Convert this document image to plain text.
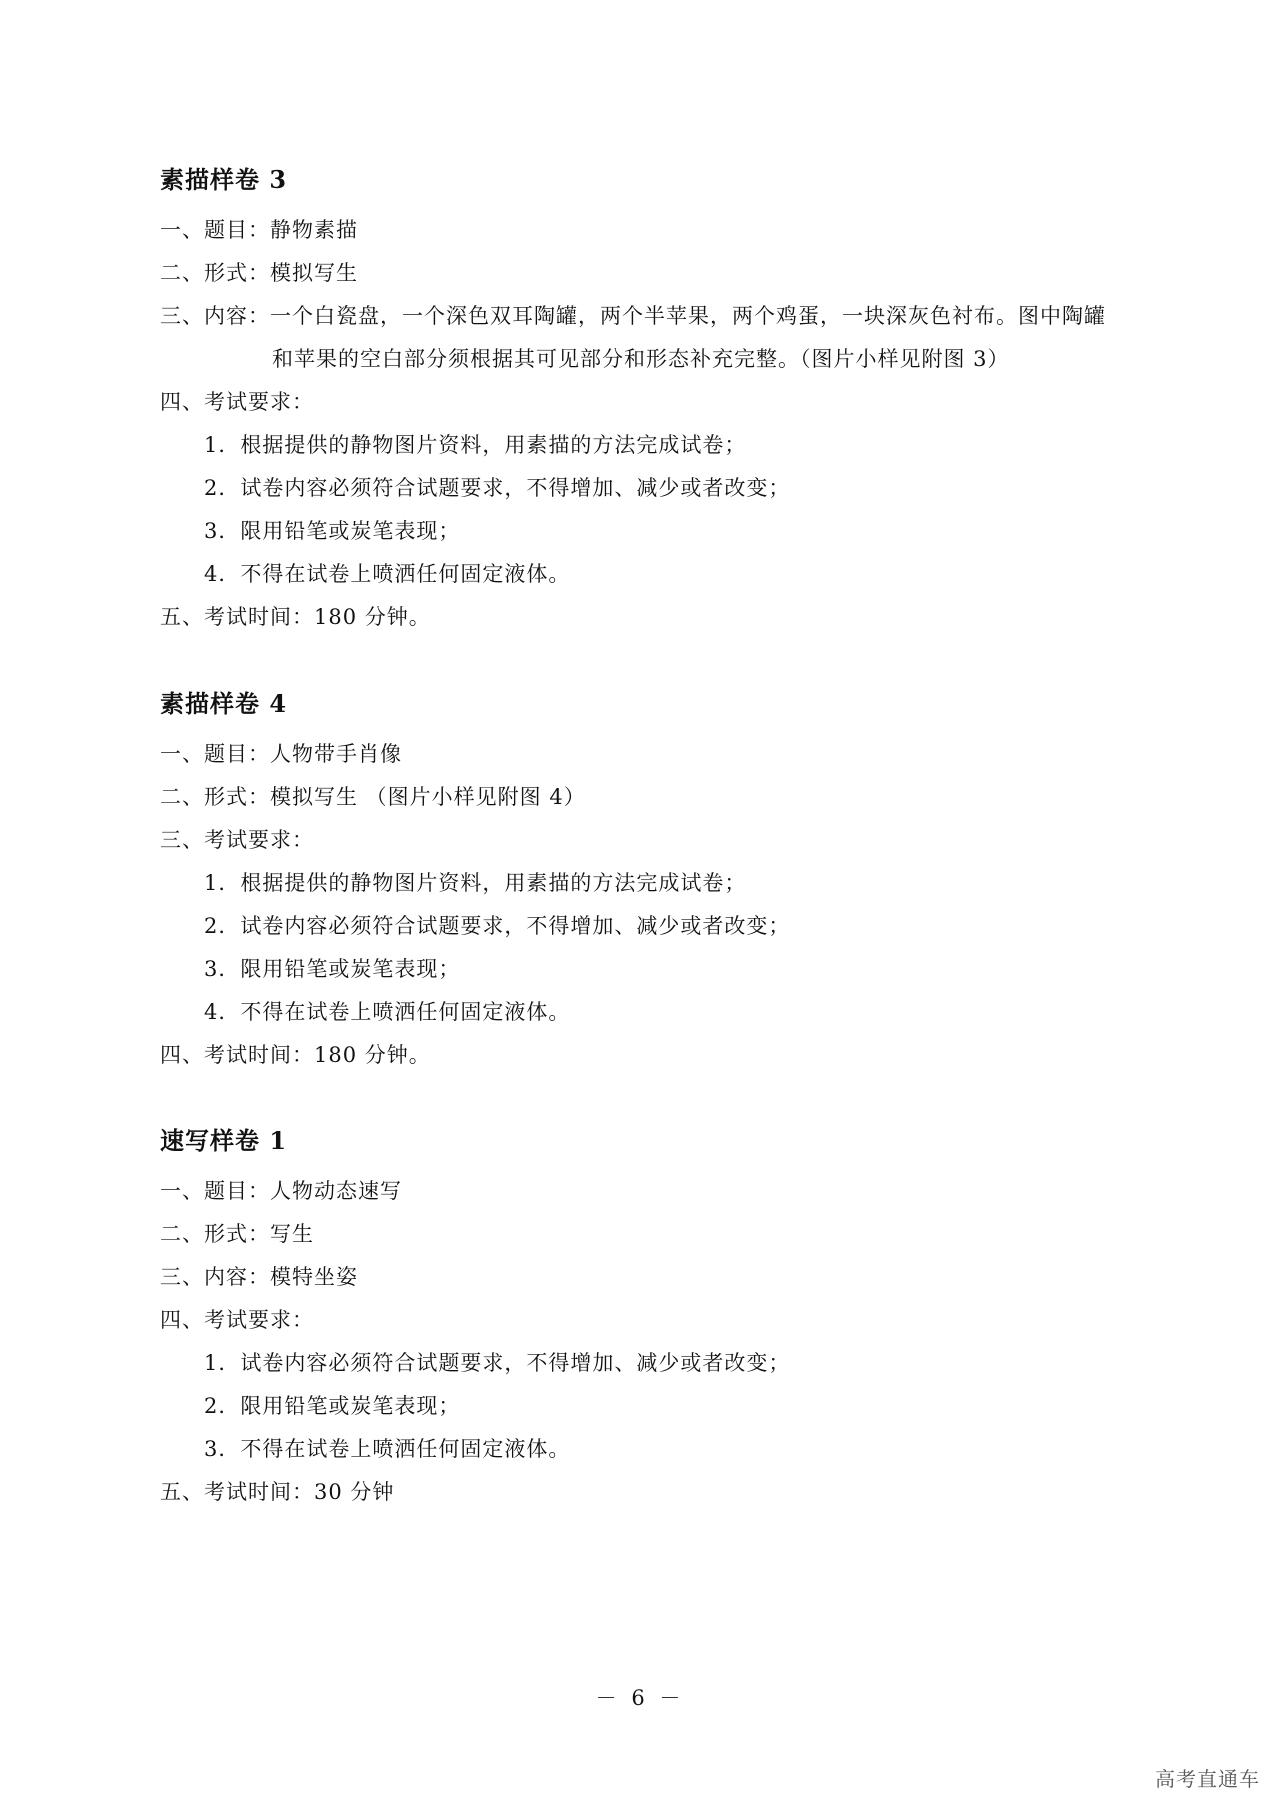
素描样卷 3
一、题目：静物素描
二、形式：模拟写生
三、内容：一个白瓷盘，一个深色双耳陶罐，两个半苹果，两个鸡蛋，一块深灰色衬布。图中陶罐
和苹果的空白部分须根据其可见部分和形态补充完整。（图片小样见附图 3）
四、考试要求：
1．根据提供的静物图片资料，用素描的方法完成试卷；
2．试卷内容必须符合试题要求，不得增加、减少或者改变；
3．限用铅笔或炭笔表现；
4．不得在试卷上喷洒任何固定液体。
五、考试时间：180 分钟。
素描样卷 4
一、题目：人物带手肖像
二、形式：模拟写生 （图片小样见附图 4）
三、考试要求：
1．根据提供的静物图片资料，用素描的方法完成试卷；
2．试卷内容必须符合试题要求，不得增加、减少或者改变；
3．限用铅笔或炭笔表现；
4．不得在试卷上喷洒任何固定液体。
四、考试时间：180 分钟。
速写样卷 1
一、题目：人物动态速写
二、形式：写生
三、内容：模特坐姿
四、考试要求：
1．试卷内容必须符合试题要求，不得增加、减少或者改变；
2．限用铅笔或炭笔表现；
3．不得在试卷上喷洒任何固定液体。
五、考试时间：30 分钟
－ 6 －
高考直通车
